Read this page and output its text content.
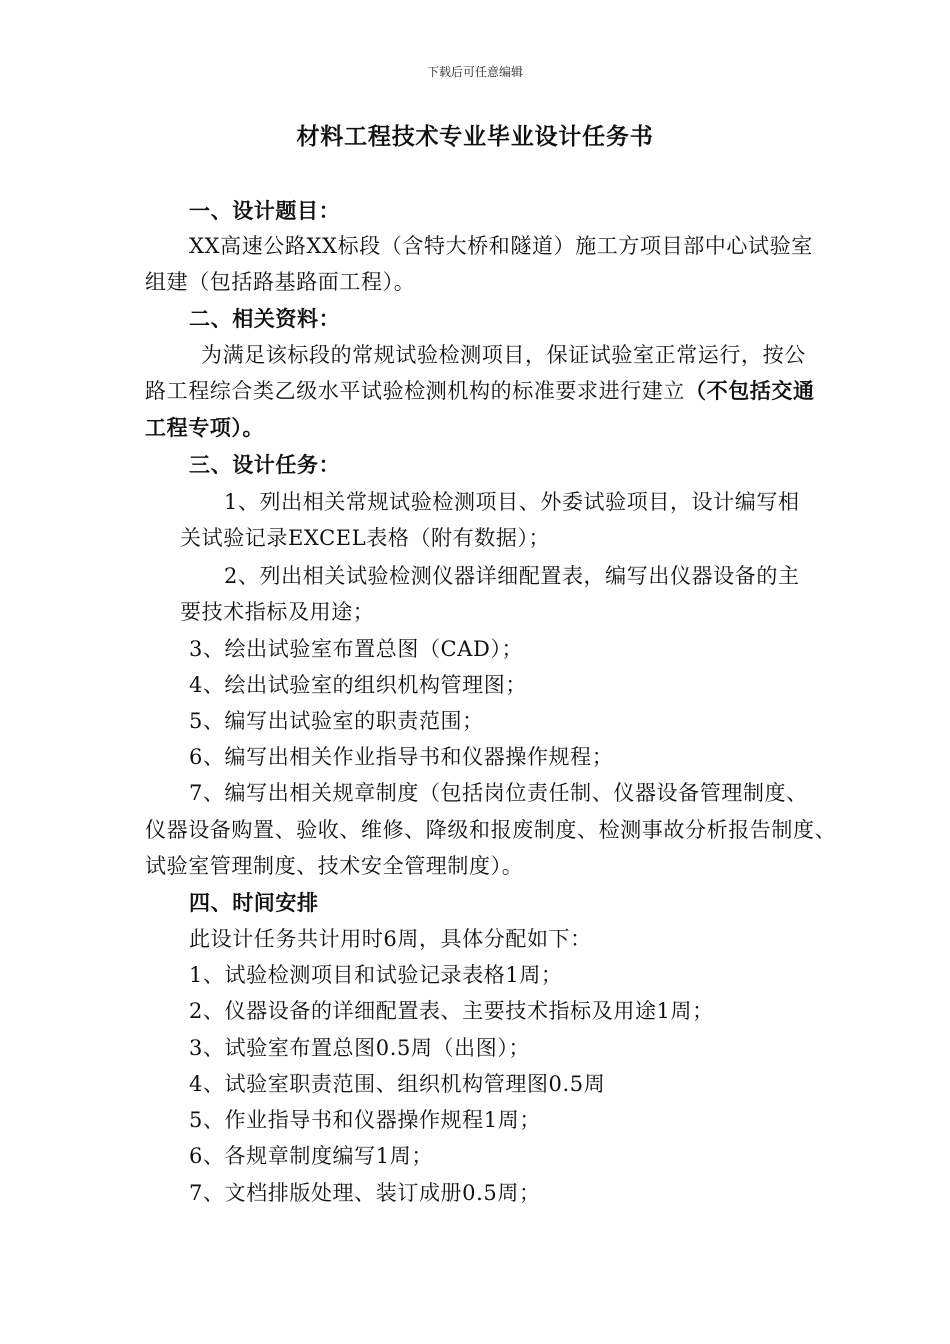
下载后可任意编辑
材料工程技术专业毕业设计任务书
一、设计题目：
XX高速公路XX标段（含特大桥和隧道）施工方项目部中心试验室
组建（包括路基路面工程）。
二、相关资料：
为满足该标段的常规试验检测项目，保证试验室正常运行，按公
路工程综合类乙级水平试验检测机构的标准要求进行建立（不包括交通
工程专项）。
三、设计任务：
1、列出相关常规试验检测项目、外委试验项目，设计编写相
关试验记录EXCEL表格（附有数据）；
2、列出相关试验检测仪器详细配置表，编写出仪器设备的主
要技术指标及用途；
3、绘出试验室布置总图（CAD）；
4、绘出试验室的组织机构管理图；
5、编写出试验室的职责范围；
6、编写出相关作业指导书和仪器操作规程；
7、编写出相关规章制度（包括岗位责任制、仪器设备管理制度、
仪器设备购置、验收、维修、降级和报废制度、检测事故分析报告制度、
试验室管理制度、技术安全管理制度）。
四、时间安排
此设计任务共计用时6周，具体分配如下：
1、试验检测项目和试验记录表格1周；
2、仪器设备的详细配置表、主要技术指标及用途1周；
3、试验室布置总图0.5周（出图）；
4、试验室职责范围、组织机构管理图0.5周
5、作业指导书和仪器操作规程1周；
6、各规章制度编写1周；
7、文档排版处理、装订成册0.5周；
